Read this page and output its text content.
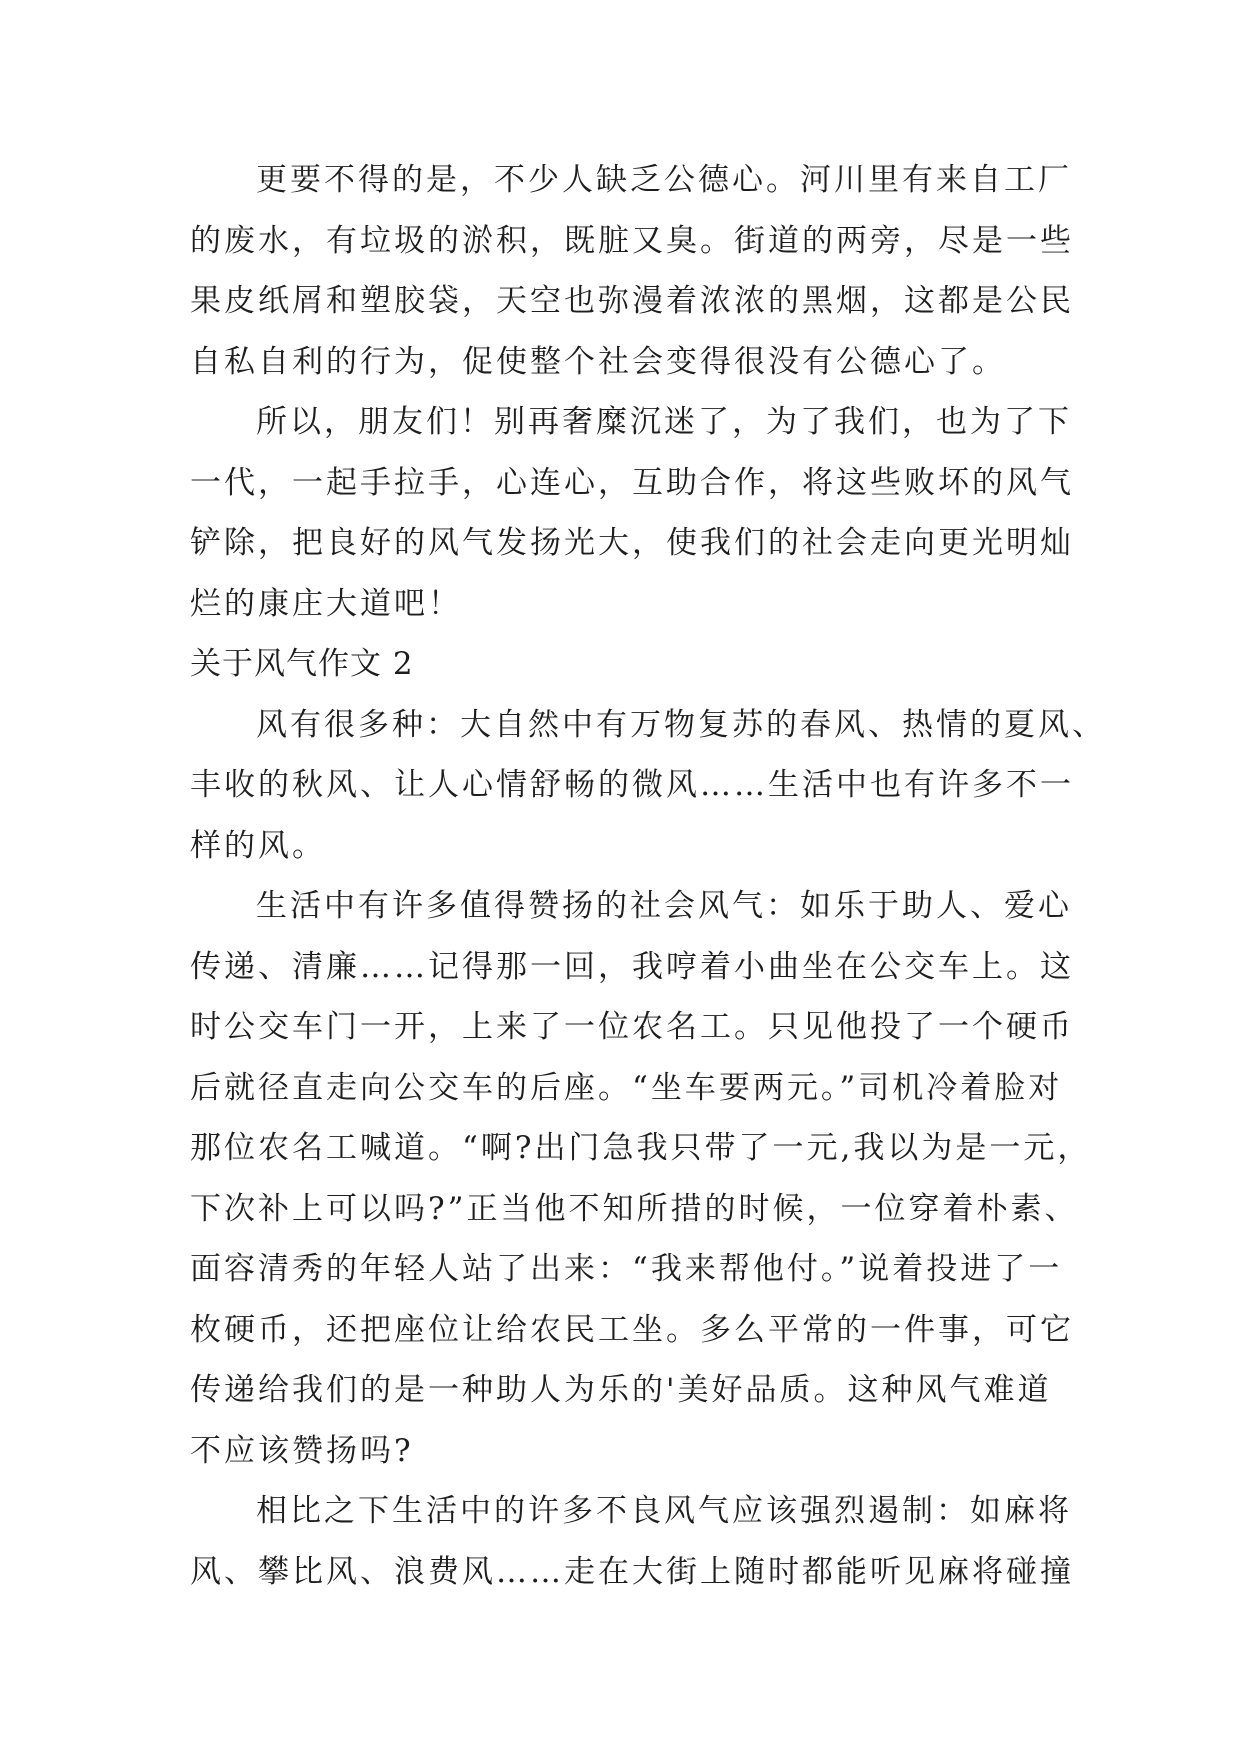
更要不得的是，不少人缺乏公德心。河川里有来自工厂
的废水，有垃圾的淤积，既脏又臭。街道的两旁，尽是一些
果皮纸屑和塑胶袋，天空也弥漫着浓浓的黑烟，这都是公民
自私自利的行为，促使整个社会变得很没有公德心了。
所以，朋友们！别再奢糜沉迷了，为了我们，也为了下
一代，一起手拉手，心连心，互助合作，将这些败坏的风气
铲除，把良好的风气发扬光大，使我们的社会走向更光明灿
烂的康庄大道吧！
关于风气作文 2
风有很多种：大自然中有万物复苏的春风、热情的夏风、
丰收的秋风、让人心情舒畅的微风……生活中也有许多不一
样的风。
生活中有许多值得赞扬的社会风气：如乐于助人、爱心
传递、清廉……记得那一回，我哼着小曲坐在公交车上。这
时公交车门一开，上来了一位农名工。只见他投了一个硬币
后就径直走向公交车的后座。“坐车要两元。”司机冷着脸对
那位农名工喊道。“啊?出门急我只带了一元,我以为是一元，
下次补上可以吗?”正当他不知所措的时候，一位穿着朴素、
面容清秀的年轻人站了出来：“我来帮他付。”说着投进了一
枚硬币，还把座位让给农民工坐。多么平常的一件事，可它
传递给我们的是一种助人为乐的'美好品质。这种风气难道
不应该赞扬吗?
相比之下生活中的许多不良风气应该强烈遏制：如麻将
风、攀比风、浪费风……走在大街上随时都能听见麻将碰撞
